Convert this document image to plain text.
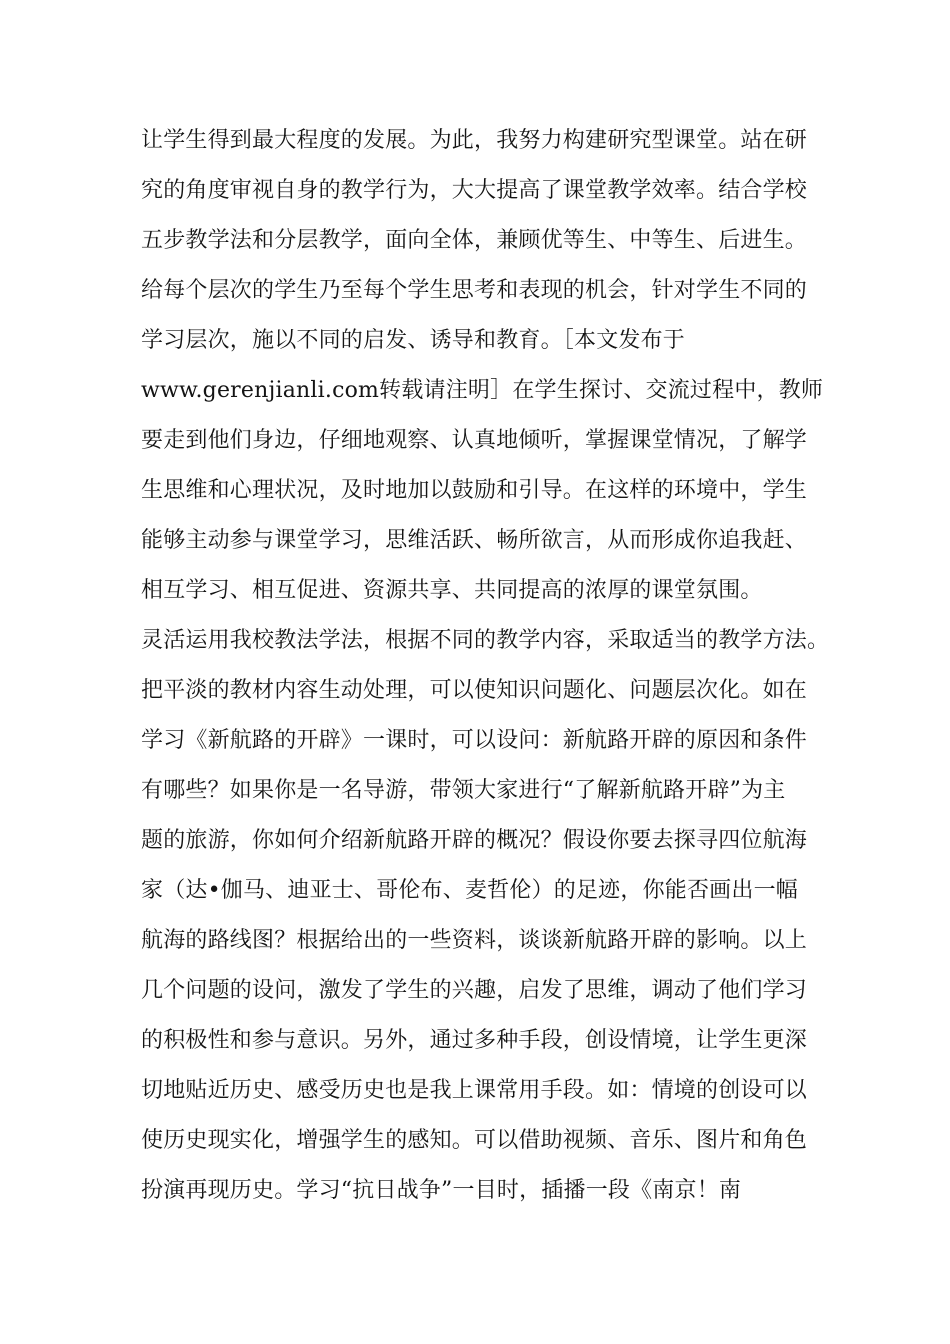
让学生得到最大程度的发展。为此，我努力构建研究型课堂。站在研

究的角度审视自身的教学行为，大大提高了课堂教学效率。结合学校

五步教学法和分层教学，面向全体，兼顾优等生、中等生、后进生。

给每个层次的学生乃至每个学生思考和表现的机会，针对学生不同的

学习层次，施以不同的启发、诱导和教育。［本文发布于

www.gerenjianli.com转载请注明］在学生探讨、交流过程中，教师

要走到他们身边，仔细地观察、认真地倾听，掌握课堂情况，了解学

生思维和心理状况，及时地加以鼓励和引导。在这样的环境中，学生

能够主动参与课堂学习，思维活跃、畅所欲言，从而形成你追我赶、

相互学习、相互促进、资源共享、共同提高的浓厚的课堂氛围。

灵活运用我校教法学法，根据不同的教学内容，采取适当的教学方法。

把平淡的教材内容生动处理，可以使知识问题化、问题层次化。如在

学习《新航路的开辟》一课时，可以设问：新航路开辟的原因和条件

有哪些？如果你是一名导游，带领大家进行“了解新航路开辟”为主

题的旅游，你如何介绍新航路开辟的概况？假设你要去探寻四位航海

家（达•伽马、迪亚士、哥伦布、麦哲伦）的足迹，你能否画出一幅

航海的路线图？根据给出的一些资料，谈谈新航路开辟的影响。以上

几个问题的设问，激发了学生的兴趣，启发了思维，调动了他们学习

的积极性和参与意识。另外，通过多种手段，创设情境，让学生更深

切地贴近历史、感受历史也是我上课常用手段。如：情境的创设可以

使历史现实化，增强学生的感知。可以借助视频、音乐、图片和角色

扮演再现历史。学习“抗日战争”一目时，插播一段《南京！南
